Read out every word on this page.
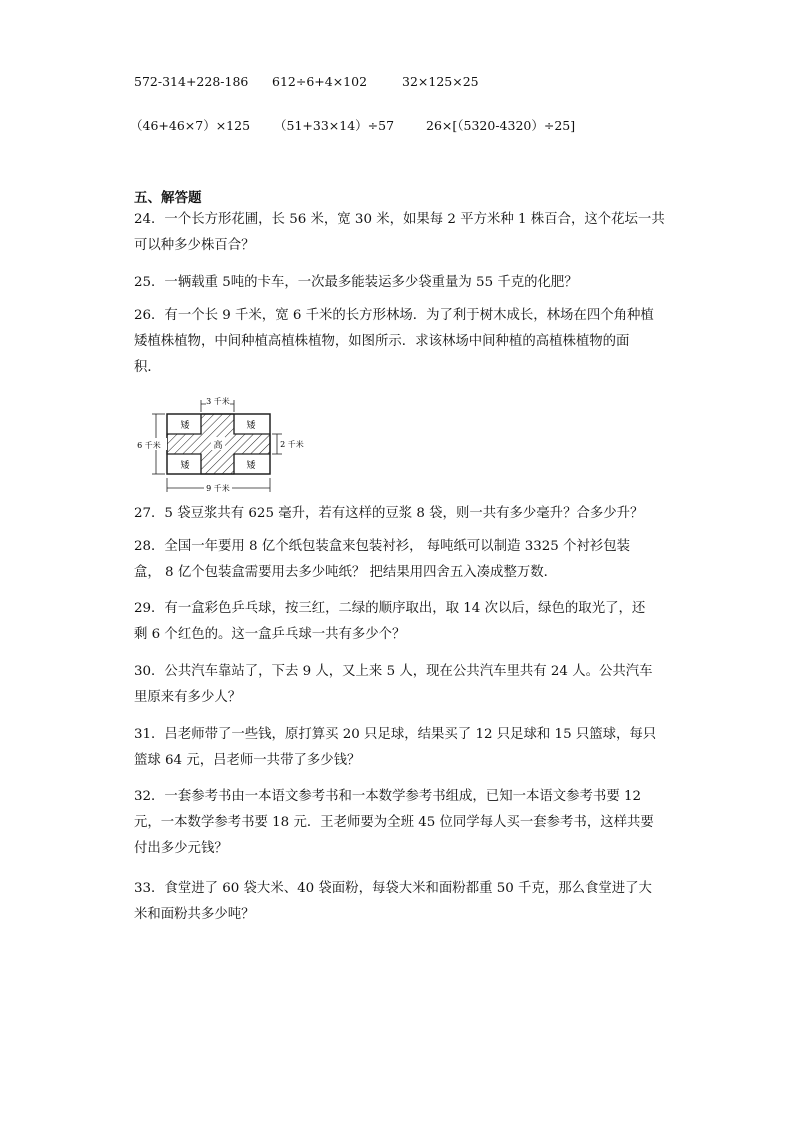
572-314+228-186 612÷6+4×102	32×125×25
（46+46×7）×125 （51+33×14）÷57	26×[（5320-4320）÷25]
五、解答题
24．一个长方形花圃，长 56 米，宽 30 米，如果每 2 平方米种 1 株百合，这个花坛一共
可以种多少株百合？
25．一辆载重 5吨的卡车，一次最多能装运多少袋重量为 55 千克的化肥？
26．有一个长 9 千米，宽 6 千米的长方形林场．为了利于树木成长，林场在四个角种植
矮植株植物，中间种植高植株植物，如图所示．求该林场中间种植的高植株植物的面
积．
矮	矮
矮	矮
高
3 千米
6 千米	2 千米
9 千米
27．5 袋豆浆共有 625 毫升，若有这样的豆浆 8 袋，则一共有多少毫升？合多少升？
28．全国一年要用 8 亿个纸包装盒来包装衬衫， 每吨纸可以制造 3325 个衬衫包装
盒， 8 亿个包装盒需要用去多少吨纸？ 把结果用四舍五入凑成整万数．
29．有一盒彩色乒乓球，按三红，二绿的顺序取出，取 14 次以后，绿色的取光了，还
剩 6 个红色的。这一盒乒乓球一共有多少个？
30．公共汽车靠站了，下去 9 人，又上来 5 人，现在公共汽车里共有 24 人。公共汽车
里原来有多少人？
31．吕老师带了一些钱，原打算买 20 只足球，结果买了 12 只足球和 15 只篮球，每只
篮球 64 元，吕老师一共带了多少钱？
32．一套参考书由一本语文参考书和一本数学参考书组成，已知一本语文参考书要 12
元，一本数学参考书要 18 元．王老师要为全班 45 位同学每人买一套参考书，这样共要
付出多少元钱？
33．食堂进了 60 袋大米、40 袋面粉，每袋大米和面粉都重 50 千克，那么食堂进了大
米和面粉共多少吨？
